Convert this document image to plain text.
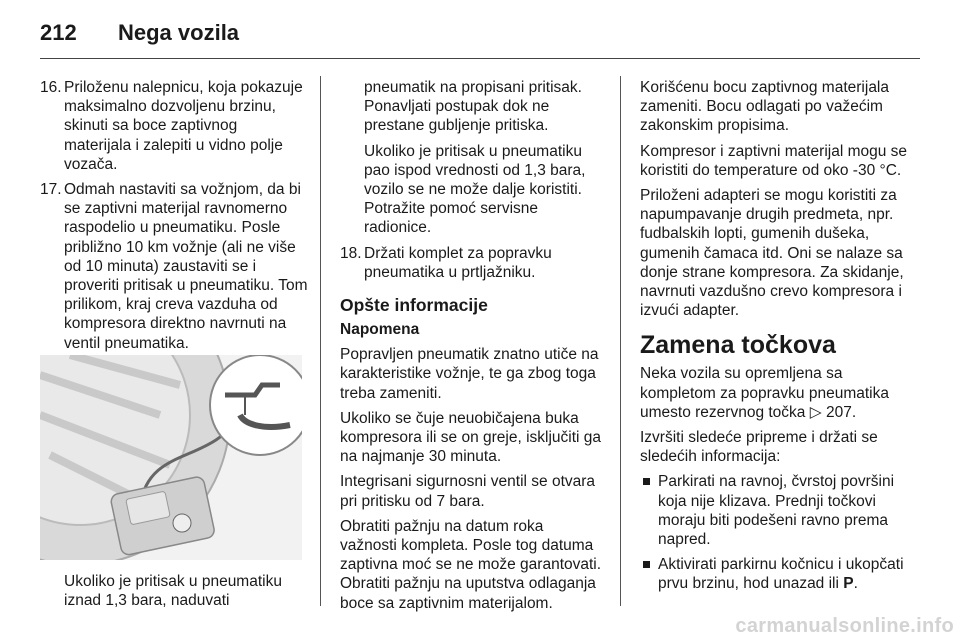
212 Nega vozila
16. Priloženu nalepnicu, koja pokazuje maksimalno dozvoljenu brzinu, skinuti sa boce zaptivnog materijala i zalepiti u vidno polje vozača.
17. Odmah nastaviti sa vožnjom, da bi se zaptivni materijal ravnomerno raspodelio u pneumatiku. Posle približno 10 km vožnje (ali ne više od 10 minuta) zaustaviti se i proveriti pritisak u pneumatiku. Tom prilikom, kraj creva vazduha od kompresora direktno navrnuti na ventil pneumatika.
Ukoliko je pritisak u pneumatiku iznad 1,3 bara, naduvati

pneumatik na propisani pritisak. Ponavljati postupak dok ne prestane gubljenje pritiska.

Ukoliko je pritisak u pneumatiku pao ispod vrednosti od 1,3 bara, vozilo se ne može dalje koristiti. Potražite pomoć servisne radionice.

18. Držati komplet za popravku pneumatika u prtljažniku.
Opšte informacije

Napomena

Popravljen pneumatik znatno utiče na karakteristike vožnje, te ga zbog toga treba zameniti.

Ukoliko se čuje neuobičajena buka kompresora ili se on greje, isključiti ga na najmanje 30 minuta.

Integrisani sigurnosni ventil se otvara pri pritisku od 7 bara.

Obratiti pažnju na datum roka važnosti kompleta. Posle tog datuma zaptivna moć se ne može garantovati. Obratiti pažnju na uputstva odlaganja boce sa zaptivnim materijalom.

Korišćenu bocu zaptivnog materijala zameniti. Bocu odlagati po važećim zakonskim propisima.

Kompresor i zaptivni materijal mogu se koristiti do temperature od oko -30 °C.

Priloženi adapteri se mogu koristiti za napumpavanje drugih predmeta, npr. fudbalskih lopti, gumenih dušeka, gumenih čamaca itd. Oni se nalaze sa donje strane kompresora. Za skidanje, navrnuti vazdušno crevo kompresora i izvući adapter.

Zamena točkova

Neka vozila su opremljena sa kompletom za popravku pneumatika umesto rezervnog točka ▷ 207.

Izvršiti sledeće pripreme i držati se sledećih informacija:

Parkirati na ravnoj, čvrstoj površini koja nije klizava. Prednji točkovi moraju biti podešeni ravno prema napred.
Aktivirati parkirnu kočnicu i ukopčati prvu brzinu, hod unazad ili P.
carmanualsonline.info
